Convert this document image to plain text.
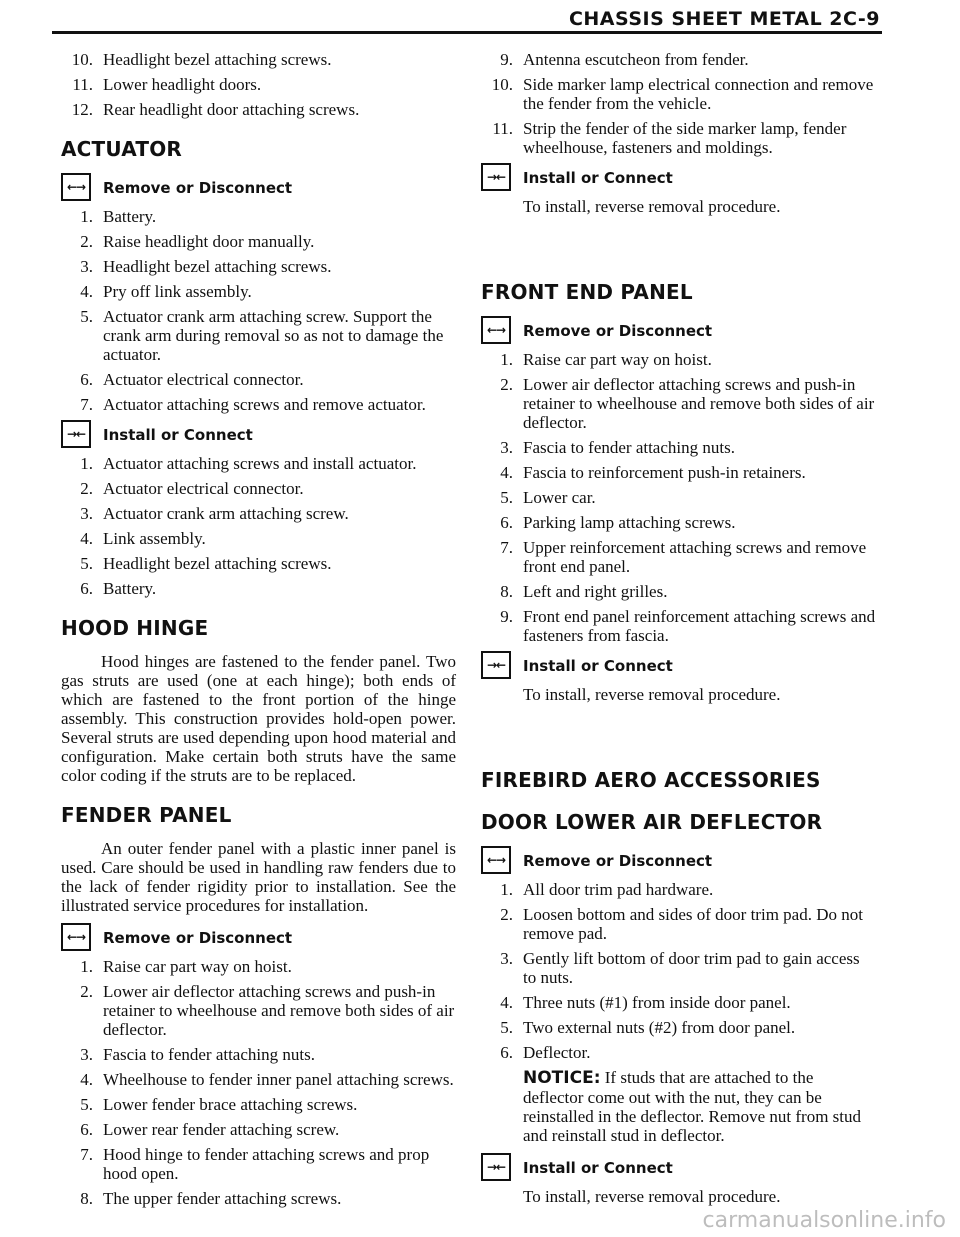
CHASSIS SHEET METAL 2C-9
10. Headlight bezel attaching screws.
11. Lower headlight doors.
12. Rear headlight door attaching screws.
ACTUATOR
←→	Remove or Disconnect
1. Battery.
2. Raise headlight door manually.
3. Headlight bezel attaching screws.
4. Pry off link assembly.
5. Actuator crank arm attaching screw. Support the crank arm during removal so as not to damage the actuator.
6. Actuator electrical connector.
7. Actuator attaching screws and remove actuator.
→←	Install or Connect
1. Actuator attaching screws and install actuator.
2. Actuator electrical connector.
3. Actuator crank arm attaching screw.
4. Link assembly.
5. Headlight bezel attaching screws.
6. Battery.
HOOD HINGE

Hood hinges are fastened to the fender panel. Two gas struts are used (one at each hinge); both ends of which are fastened to the front portion of the hinge assembly. This construction provides hold-open power. Several struts are used depending upon hood material and configuration. Make certain both struts have the same color coding if the struts are to be replaced.

FENDER PANEL

An outer fender panel with a plastic inner panel is used. Care should be used in handling raw fenders due to the lack of fender rigidity prior to installation. See the illustrated service procedures for installation.

←→	Remove or Disconnect
1. Raise car part way on hoist.
2. Lower air deflector attaching screws and push-in retainer to wheelhouse and remove both sides of air deflector.
3. Fascia to fender attaching nuts.
4. Wheelhouse to fender inner panel attaching screws.
5. Lower fender brace attaching screws.
6. Lower rear fender attaching screw.
7. Hood hinge to fender attaching screws and prop hood open.
8. The upper fender attaching screws.
9. Antenna escutcheon from fender.
10. Side marker lamp electrical connection and remove the fender from the vehicle.
11. Strip the fender of the side marker lamp, fender wheelhouse, fasteners and moldings.
→←	Install or Connect
To install, reverse removal procedure.
FRONT END PANEL
←→	Remove or Disconnect
1. Raise car part way on hoist.
2. Lower air deflector attaching screws and push-in retainer to wheelhouse and remove both sides of air deflector.
3. Fascia to fender attaching nuts.
4. Fascia to reinforcement push-in retainers.
5. Lower car.
6. Parking lamp attaching screws.
7. Upper reinforcement attaching screws and remove front end panel.
8. Left and right grilles.
9. Front end panel reinforcement attaching screws and fasteners from fascia.
→←	Install or Connect
To install, reverse removal procedure.
FIREBIRD AERO ACCESSORIES
DOOR LOWER AIR DEFLECTOR
←→	Remove or Disconnect
1. All door trim pad hardware.
2. Loosen bottom and sides of door trim pad. Do not remove pad.
3. Gently lift bottom of door trim pad to gain access to nuts.
4. Three nuts (#1) from inside door panel.
5. Two external nuts (#2) from door panel.
6. Deflector.
NOTICE: If studs that are attached to the deflector come out with the nut, they can be reinstalled in the deflector. Remove nut from stud and reinstall stud in deflector.
→←	Install or Connect
To install, reverse removal procedure.
carmanualsonline.info
